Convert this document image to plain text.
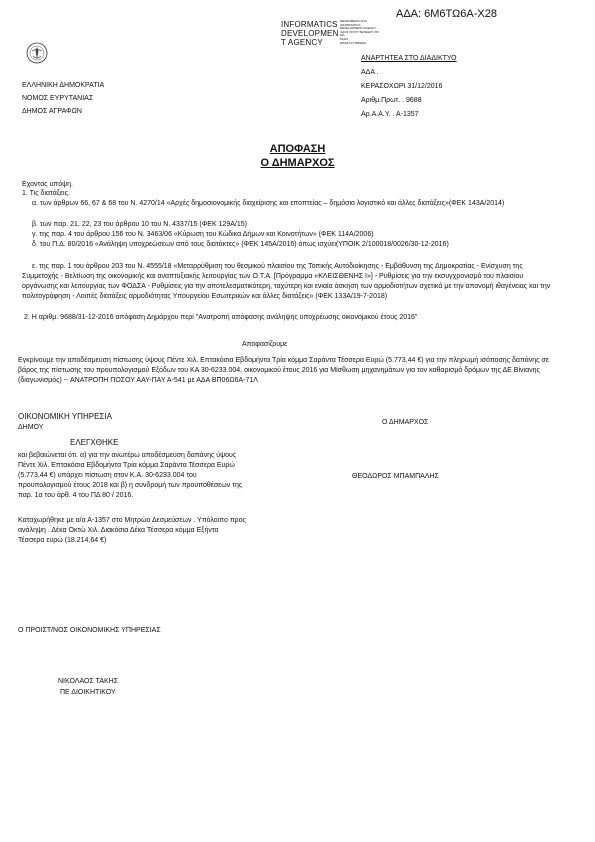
ΑΔΑ: 6Μ6ΤΩ6Α-Χ28
INFORMATICS
DEVELOPMEN
T AGENCY
ΘΕΩΡΗΜΕΝΟ ΑΠΟ
INFORMATICS
DEVELOPMENT AGENCY
ΟΔΟΣ ΠΟΥΛΥΤΕΧΝΕΙΟΥ 8Χ
ΜΛ
ΡΑΙΑΥ
ΕΠΑΝΑ ΣΥΜΦΩΝΗ
ΕΛΛΗΝΙΚΗ ΔΗΜΟΚΡΑΤΙΑ
ΝΟΜΟΣ ΕΥΡΥΤΑΝΙΑΣ
ΔΗΜΟΣ ΑΓΡΑΦΩΝ
ΑΝΑΡΤΗΤΕΑ ΣΤΟ ΔΙΑΔΙΚΤΥΟ
ΑΔΑ .
ΚΕΡΑΣΟΧΩΡΙ 31/12/2016
Αριθμ.Πρωτ. . 9688
Αρ.Α.Α.Υ. . Α-1357
ΑΠΟΦΑΣΗ
Ο ΔΗΜΑΡΧΟΣ
Εχοντας υπόψη.
1. Τις διατάξεις.
α. των άρθρων 66, 67 & 68 του Ν. 4270/14 «Αρχές δημοσιονομικής διαχείρισης και εποπτείας – δημόσιο λογιστικό και άλλες διατάξεις»(ΦΕΚ 143Α/2014)
β. των παρ. 21, 22, 23 του άρθρου 10 του Ν. 4337/15 (ΦΕΚ 129Α/15)
γ. της παρ. 4 του άρθρου 156 του Ν. 3463/06 «Κύρωση του Κώδικα Δήμων και Κοινοτήτων» (ΦΕΚ 114Α/2006)
δ. του Π.Δ. 80/2016 «Ανάληψη υποχρεώσεων από τους διατάκτες» (ΦΕΚ 145Α/2016) όπως ισχύει(ΥΠΟΙΚ 2/100018/0026/30-12-2016)
ε. της παρ. 1 του άρθρου 203 του Ν. 4555/18 «Μεταρρύθμιση του θεσμικού πλαισίου της Τοπικής Αυτοδιοίκησης - Εμβάθυνση της Δημοκρατίας - Ενίσχυση της Συμμετοχής - Βελτίωση της οικονομικής και αναπτυξιακής λειτουργίας των Ο.Τ.Α. [Πρόγραμμα «ΚΛΕΙΣΘΕΝΗΣ Ι»] - Ρυθμίσεις για την εκσυγχρονισμό του πλαισίου οργάνωσης και λειτουργίας των ΦΟΔΣΑ - Ρυθμίσεις για την αποτελεσματικότερη, ταχύτερη και ενιαία άσκηση των αρμοδιοτήτων σχετικά με την απονομή ιθαγένειας και την πολιτογράφηση - Λοιπές διατάξεις αρμοδιότητας Υπουργείου Εσωτερικών και άλλες διατάξεις» (ΦΕΚ 133Α/19-7-2018)
2. Η αριθμ. 9688/31-12-2016 απόφαση Δημάρχου περί "Ανατροπή απόφασης ανάληψης υποχρέωσης οικονομικού έτους 2016"
Αποφασίζουμε
Εγκρίνουμε την αποδέσμευση πίστωσης ύψους Πέντε Χιλ. Επτακόσια Εβδομήντα Τρία κόμμα Σαράντα Τέσσερα Ευρώ (5.773,44 €) για την πληρωμή ισόποσης δαπάνης σε βάρος της πίστωσης του προυπολογισμού Εξόδων του ΚΑ 30-6233.004, οικονομικού έτους 2016 για Μίσθωση μηχανημάτων για τον καθαρισμό δρόμων της ΔΕ Βίνιανης (διαγωνισμός) -- ΑΝΑΤΡΟΠΗ ΠΟΣΟΥ ΑΑΥ-ΠΑΥ Α-541 με ΑΔΑ ΒΠ06Ω6Α-71Λ
ΟΙΚΟΝΟΜΙΚΗ ΥΠΗΡΕΣΙΑ
ΔΗΜΟΥ
ΕΛΕΓΧΘΗΚΕ
και βεβαιώνεται ότι. α) για την ανωτέρω αποδέσμευση δαπάνης ύψους Πέντε Χιλ. Επτακόσια Εβδομήντα Τρία κόμμα Σαράντα Τέσσερα Ευρώ (5.773,44 €) υπάρχει πίστωση στον Κ.Α. 30-6233.004 του προυπολογισμού έτους 2018 και β) η συνδρομή των προυποθέσεων της παρ. 1α του άρθ. 4 του ΠΔ 80 / 2016.
Καταχωρήθηκε με α/α Α-1357 στο Μητρώο Δεσμεύσεων . Υπόλοιπο προς ανάληψη . Δέκα Οκτώ Χιλ. Διακόσια Δέκα Τέσσερα κόμμα Εξήντα Τέσσερα ευρώ (18.214,64 €)
Ο ΔΗΜΑΡΧΟΣ
ΘΕΟΔΩΡΟΣ ΜΠΑΜΠΑΛΗΣ
Ο ΠΡΟΙΣΤ/ΝΟΣ ΟΙΚΟΝΟΜΙΚΗΣ ΥΠΗΡΕΣΙΑΣ
ΝΙΚΟΛΑΟΣ ΤΑΚΗΣ
ΠΕ ΔΙΟΙΚΗΤΙΚΟΥ
